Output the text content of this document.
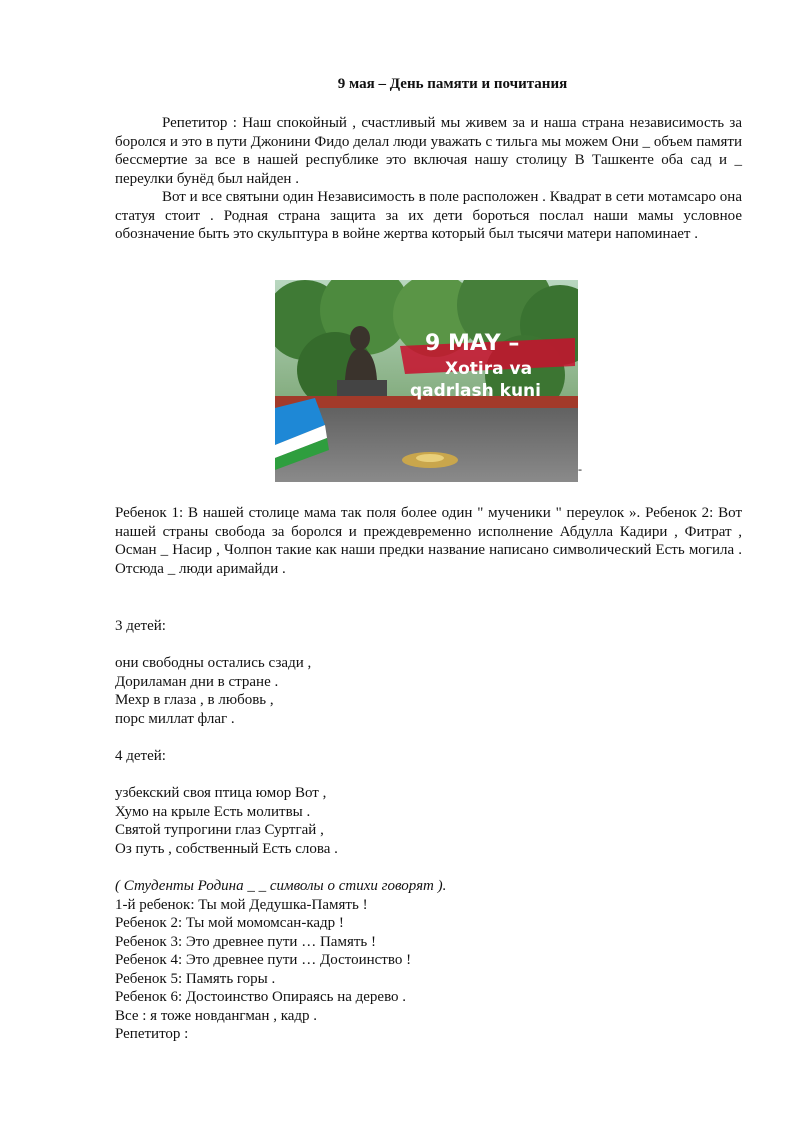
9 мая – День памяти и почитания

Репетитор : Наш спокойный , счастливый мы живем за и наша страна независимость за боролся и это в пути Джонини Фидо делал люди уважать с тильга мы можем Они _ объем памяти бессмертие за все в нашей республике это включая нашу столицу В Ташкенте оба сад и _ переулки бунёд был найден .

Вот и все святыни один Независимость в поле расположен . Квадрат в сети мотамсаро она статуя стоит . Родная страна защита за их дети бороться послал наши мамы условное обозначение быть это скульптура в войне жертва который был тысячи матери напоминает .

9 MAY –
Xotira va
qadrlash kuni
-

Ребенок 1: В нашей столице мама так поля более один " мученики " переулок ». Ребенок 2: Вот нашей страны свобода за боролся и преждевременно исполнение Абдулла Кадири , Фитрат , Осман _ Насир , Чолпон такие как наши предки название написано символический Есть могила . Отсюда _ люди аримайди .

3 детей:
они свободны остались сзади ,
Дориламан дни в стране .
Мехр в глаза , в любовь ,
порс миллат флаг .
4 детей:
узбекский своя птица юмор Вот ,
Хумо на крыле Есть молитвы .
Святой тупрогини глаз Суртгай ,
Оз путь , собственный Есть слова .
( Студенты Родина _ _ символы о стихи говорят ).
1-й ребенок: Ты мой Дедушка-Память !
Ребенок 2: Ты мой момомсан-кадр !
Ребенок 3: Это древнее пути … Память !
Ребенок 4: Это древнее пути … Достоинство !
Ребенок 5: Память горы .
Ребенок 6: Достоинство Опираясь на дерево .
Все : я тоже новдангман , кадр .
Репетитор :
